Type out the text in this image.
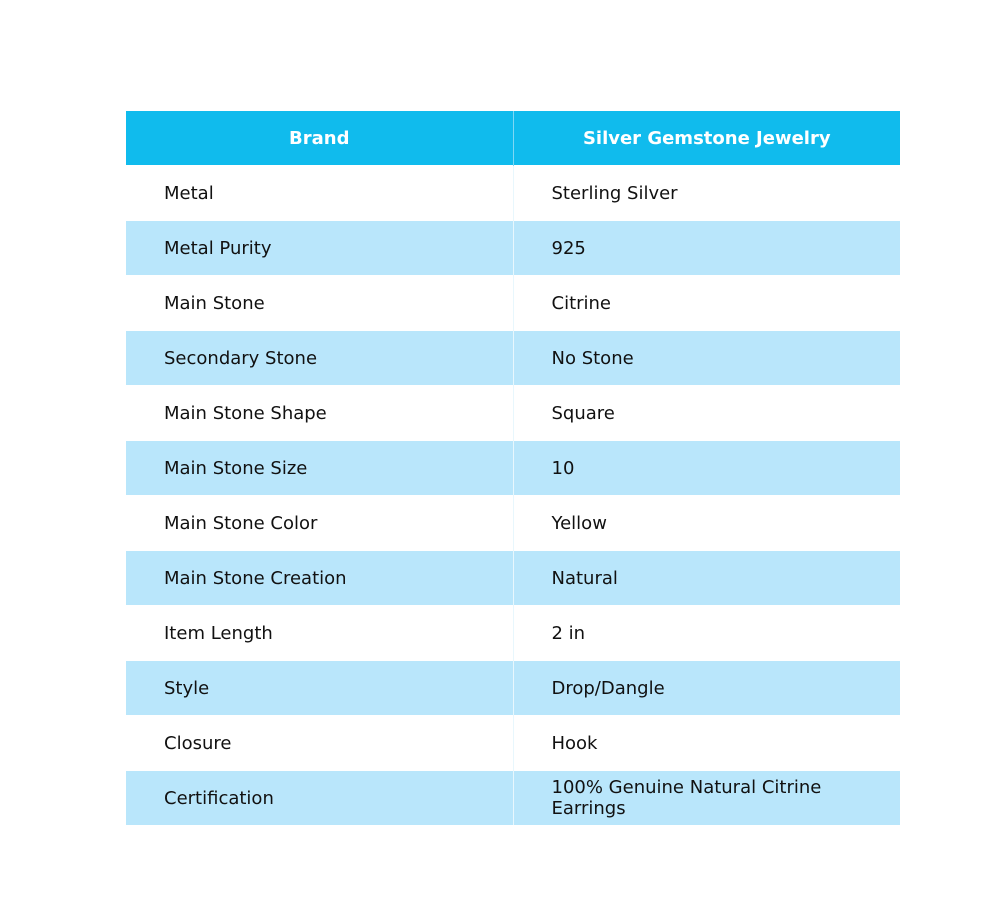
Brand	Silver Gemstone Jewelry
Metal	Sterling Silver
Metal Purity	925
Main Stone	Citrine
Secondary Stone	No Stone
Main Stone Shape	Square
Main Stone Size	10
Main Stone Color	Yellow
Main Stone Creation	Natural
Item Length	2 in
Style	Drop/Dangle
Closure	Hook
Certification	100% Genuine Natural Citrine Earrings
